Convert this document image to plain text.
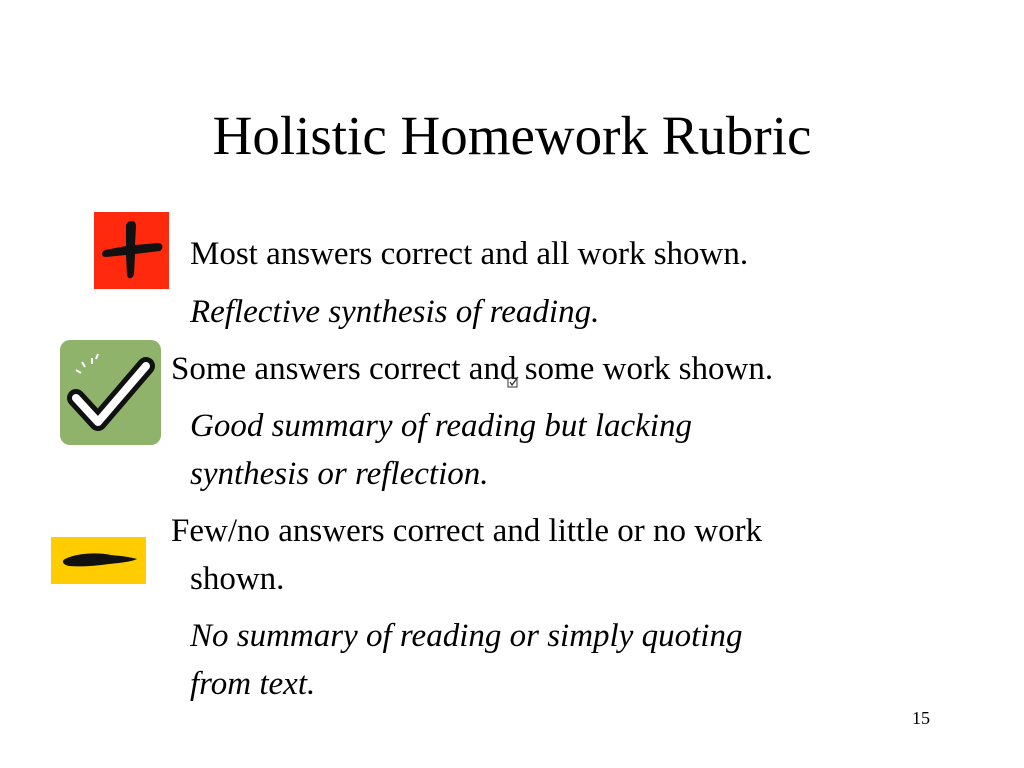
Holistic Homework Rubric
Most answers correct and all work shown.
Reflective synthesis of reading.
Some answers correct and some work shown.
Good summary of reading but lacking
synthesis or reflection.
Few/no answers correct and little or no work
shown.
No summary of reading or simply quoting
from text.
15
